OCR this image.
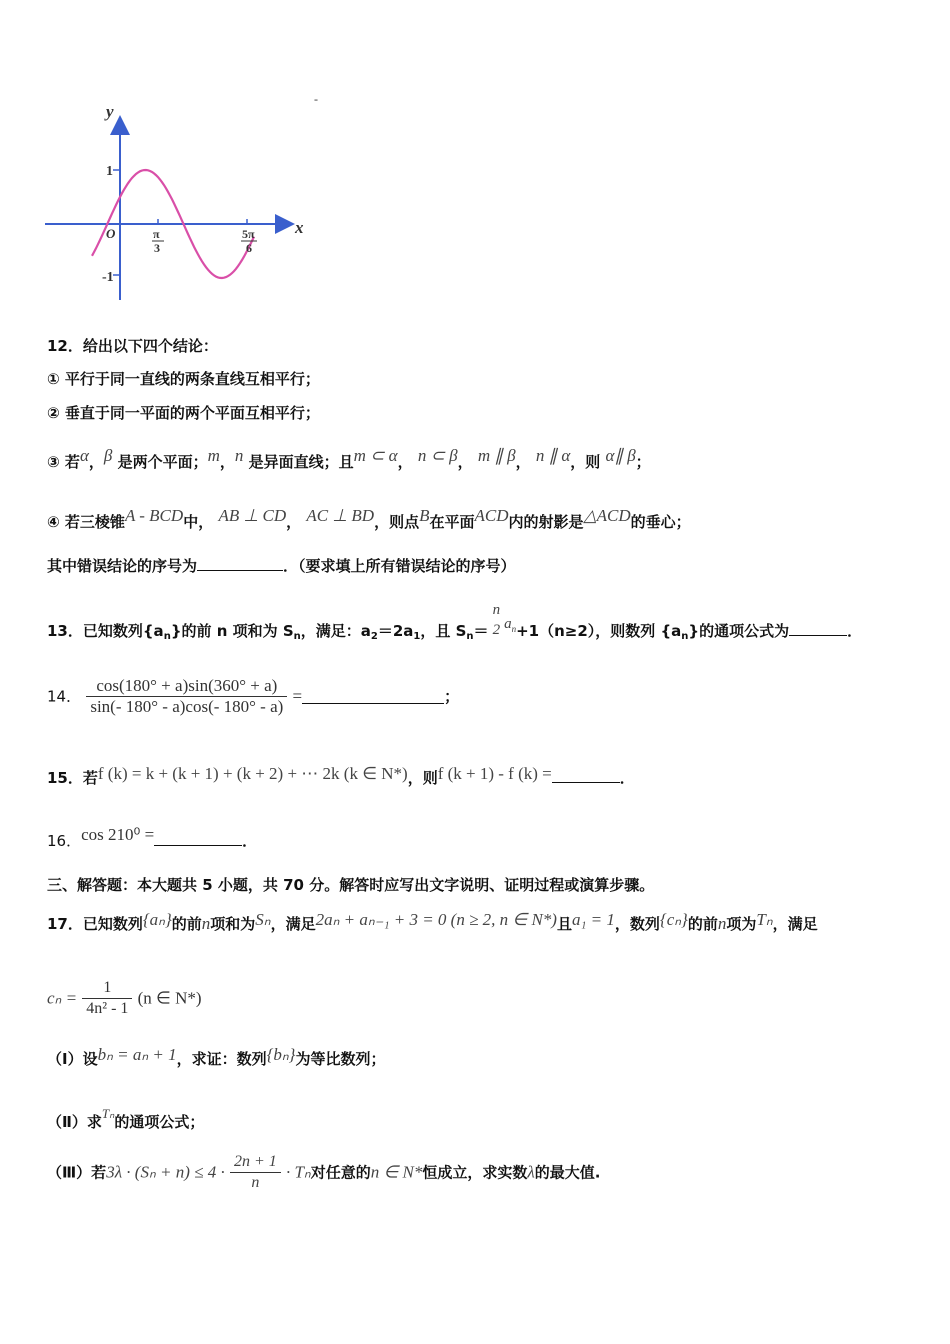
y
x
O
1
-1
π
3
5π
6
-
12．给出以下四个结论：
① 平行于同一直线的两条直线互相平行；
② 垂直于同一平面的两个平面互相平行；
③ 若α，β 是两个平面；m，n 是异面直线；且m ⊂ α， n ⊂ β， m ∥ β， n ∥ α，则 α∥ β；
④ 若三棱锥A - BCD中， AB ⊥ CD， AC ⊥ BD，则点B在平面ACD内的射影是△ACD的垂心；
其中错误结论的序号为	．（要求填上所有错误结论的序号）
13．已知数列$\{a_n\}$的前 n 项和为 $S_n$，满足：$a_2=2a_1$，且 $S_n=$
n
2 $a^n+1(n\ge 2)$，则数列 $\{a_n\}$的通项公式为	．
14． $\frac{\cos(180^\circ + a)\sin(360^\circ + a)}{\sin(- 180^\circ - a)\cos(- 180^\circ - a)}$ =	；
15．若f (k) = k + (k + 1) + (k + 2) + ⋯ 2k (k ∈ N*)，则f (k + 1) - f (k) =	．
16．cos 210⁰ =	．
三、解答题：本大题共 5 小题，共 70 分。解答时应写出文字说明、证明过程或演算步骤。
17．已知数列{aₙ}的前n项和为Sₙ，满足2aₙ + aₙ₋₁ + 3 = 0 (n ≥ 2, n ∈ N*)且a₁ = 1，数列{cₙ}的前n项为Tₙ，满足
$c_n = \frac{1}{\text{4n² - 1}} (n$ ∈ N*)
（Ⅰ）设bₙ = aₙ + 1，求证：数列{bₙ}为等比数列；
（Ⅱ）求Tₙ的通项公式；
（Ⅲ）若$3\lambda \cdot (S_n + n) \le 4 \cdot \frac{2n + 1}{n} \cdot T_n$对任意的n ∈ N*恒成立，求实数λ的最大值.
